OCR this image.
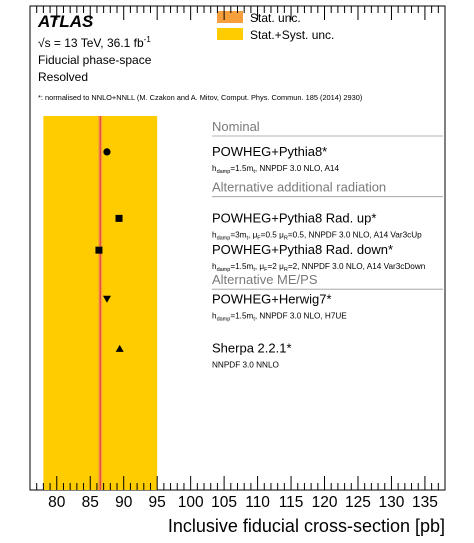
ATLAS
√s = 13 TeV, 36.1 $fb^{-1}$
Fiducial phase-space
Resolved
*: normalised to NNLO+NNLL (M. Czakon and A. Mitov, Comput. Phys. Commun. 185 (2014) 2930)
Stat. unc.
Stat.+Syst. unc.
Nominal
Alternative additional radiation
Alternative ME/PS
POWHEG+Pythia8*
$h_{damp}=1.5m_t$, NNPDF 3.0 NLO, A14
POWHEG+Pythia8 Rad. up*
$h_{damp}=3m_t$, $\mu_F=0.5$ $\mu_R=0.5$, NNPDF 3.0 NLO, A14 Var3cUp
POWHEG+Pythia8 Rad. down*
$h_{damp}=1.5m_t$, $\mu_F=2$ $\mu_R=2$, NNPDF 3.0 NLO, A14 Var3cDown
POWHEG+Herwig7*
$h_{damp}=1.5m_t$, NNPDF 3.0 NLO, H7UE
Sherpa 2.2.1*
NNPDF 3.0 NNLO
80 85 90 95 100 105 110 115 120 125 130 135
Inclusive fiducial cross-section [pb]
